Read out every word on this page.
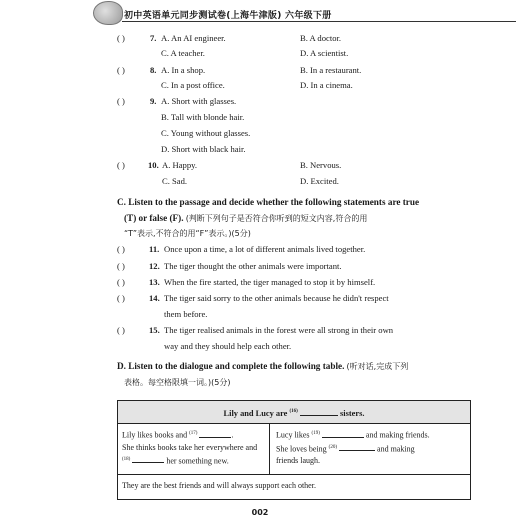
初中英语单元同步测试卷(上海牛津版) 六年级下册
( )	7. A. An AI engineer.	B. A doctor.
C. A teacher.	D. A scientist.
( )	8. A. In a shop.	B. In a restaurant.
C. In a post office.	D. In a cinema.
( )	9. A. Short with glasses.
B. Tall with blonde hair.
C. Young without glasses.
D. Short with black hair.
( )	10. A. Happy.	B. Nervous.
C. Sad.	D. Excited.
C. Listen to the passage and decide whether the following statements are true
(T) or false (F). (判断下列句子是否符合你听到的短文内容,符合的用
“T”表示,不符合的用“F”表示。)(5分)
( )	11. Once upon a time, a lot of different animals lived together.
( )	12. The tiger thought the other animals were important.
( )	13. When the fire started, the tiger managed to stop it by himself.
( )	14. The tiger said sorry to the other animals because he didn't respect
them before.
( )	15. The tiger realised animals in the forest were all strong in their own
way and they should help each other.
D. Listen to the dialogue and complete the following table. (听对话,完成下列
表格。每空格限填一词。)(5分)
Lily and Lucy are $^{(16)}$	sisters.
Lily likes books and $^{(17)}$	.
She thinks books take her everywhere and
$^{(18)}$	her something new.
Lucy likes $^{(19)}$	and making friends.
She loves being $^{(20)}$	and making
friends laugh.
They are the best friends and will always support each other.
002
